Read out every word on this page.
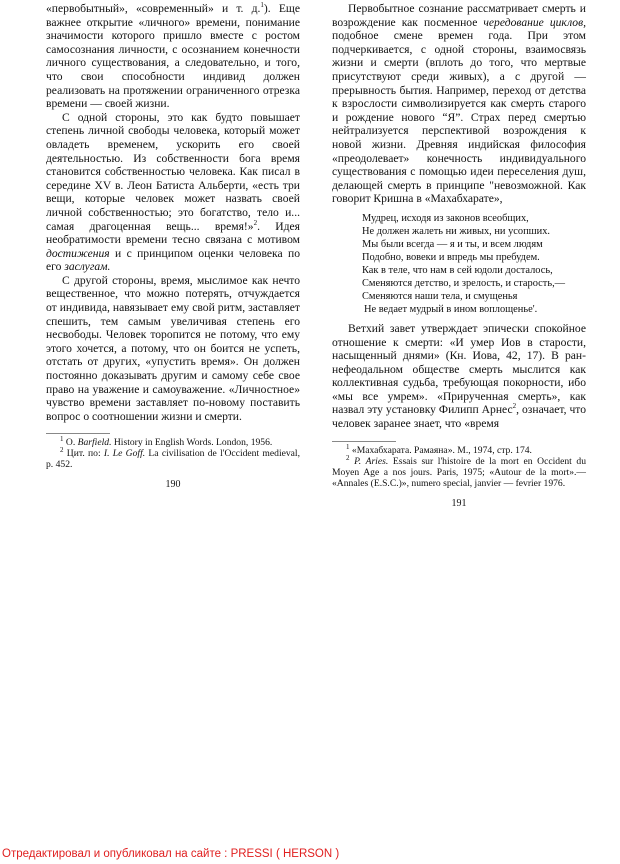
«первобытный», «современный» и т. д.$^1$). Еще важнее открытие «личного» времени, понимание значимости которого пришло вместе с ростом самосознания личности, с осознанием конечности личного существования, а следовательно, и того, что свои способности индивид должен реализовать на протяжении ограниченного отрезка времени — своей жизни.

С одной стороны, это как будто повышает степень личной свободы человека, который может овладеть временем, ускорить его своей деятельностью. Из собственности бога время становится собственностью человека. Как писал в середине XV в. Леон Батиста Альберти, «есть три вещи, которые человек может назвать своей личной собственностью; это богатство, тело и... самая драгоценная вещь... время!»$^2$. Идея необратимости времени тесно связана с мотивом достижения и с принципом оценки человека по его заслугам.

С другой стороны, время, мыслимое как нечто вещественное, что можно потерять, отчуждается от индивида, навязывает ему свой ритм, заставляет спешить, тем самым увеличивая степень его несвободы. Человек торопится не потому, что ему этого хочется, а потому, что он боится не успеть, отстать от других, «упустить время». Он должен постоянно доказывать другим и самому себе свое право на уважение и самоуважение. «Личностное» чувство времени заставляет по-новому поставить вопрос о соотношении жизни и смерти.

$^1$ O. Barfield. History in English Words. London, 1956.

$^2$ Цит. по: I. Le Goff. La civilisation de l'Occident medieval, p. 452.

190

Первобытное сознание рассматривает смерть и возрождение как посменное чередование циклов, подобное смене времен года. При этом подчеркивается, с одной стороны, взаимосвязь жизни и смерти (вплоть до того, что мертвые присутствуют среди живых), а с другой — прерывность бытия. Например, переход от детства к взрослости символизируется как смерть старого и рождение нового “Я”. Страх перед смертью нейтрализуется перспективой возрождения к новой жизни. Древняя индийская философия «преодолевает» конечность индивидуального существования с помощью идеи переселения душ, делающей смерть в принципе "невозможной. Как говорит Кришна в «Махабхарате»,

Мудрец, исходя из законов всеобщих,
Не должен жалеть ни живых, ни усопших.
Мы были всегда — я и ты, и всем людям
Подобно, вовеки и впредь мы пребудем.
Как в теле, что нам в сей юдоли досталось,
Сменяются детство, и зрелость, и старость,—
Сменяются наши тела, и смущенья
Не ведает мудрый в ином воплощенье'.

Ветхий завет утверждает эпически спокойное отношение к смерти: «И умер Иов в старости, насыщенный днями» (Кн. Иова, 42, 17). В ран-нефеодальном обществе смерть мыслится как коллективная судьба, требующая покорности, ибо «мы все умрем». «Прирученная смерть», как назвал эту установку Филипп Арнес$^2$, означает, что человек заранее знает, что «время

$^1$ «Махабхарата. Рамаяна». М., 1974, стр. 174.

$^2$ P. Aries. Essais sur l'histoire de la mort en Occident du Moyen Age a nos jours. Paris, 1975; «Autour de la mort».— «Annales (E.S.C.)», numero special, janvier — fevrier 1976.

191
Отредактировал и опубликовал на сайте : PRESSI ( HERSON )
